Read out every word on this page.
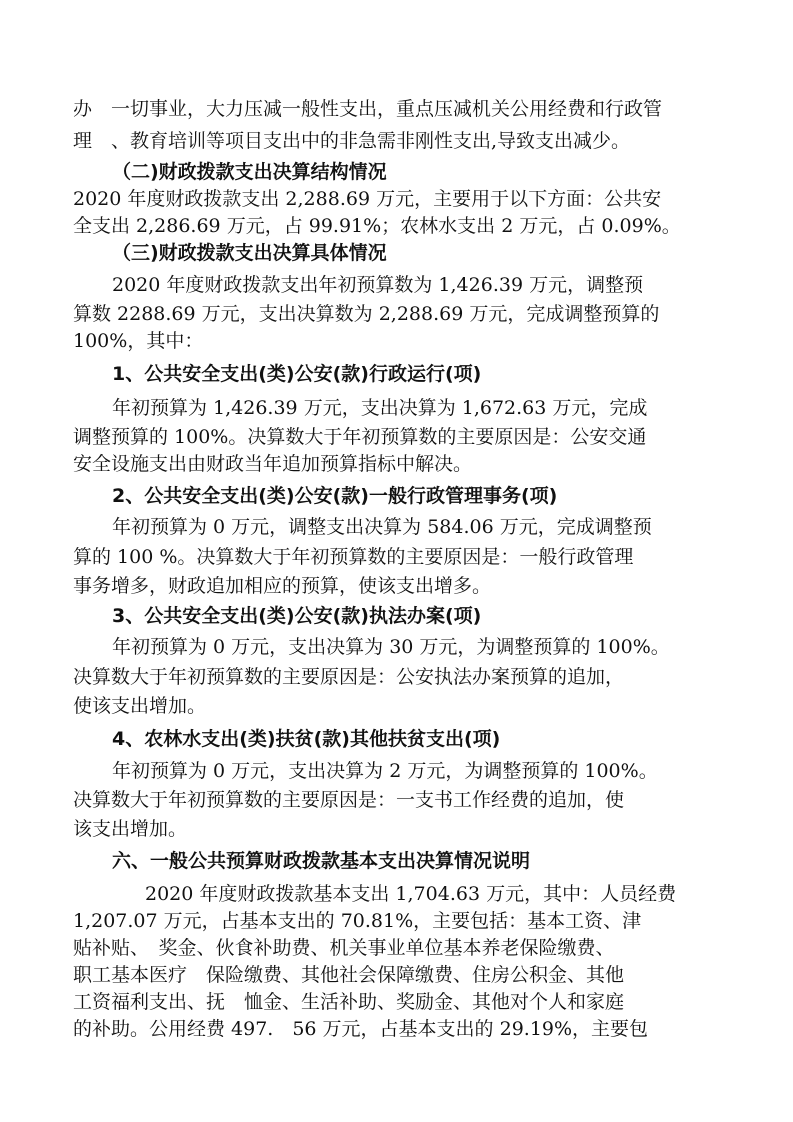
办　一切事业，大力压减一般性支出，重点压减机关公用经费和行政管

理　、教育培训等项目支出中的非急需非刚性支出,导致支出减少。

（二)财政拨款支出决算结构情况

2020 年度财政拨款支出 2,288.69 万元，主要用于以下方面：公共安

全支出 2,286.69 万元，占 99.91%；农林水支出 2 万元，占 0.09%。

（三)财政拨款支出决算具体情况

2020 年度财政拨款支出年初预算数为 1,426.39 万元，调整预

算数 2288.69 万元，支出决算数为 2,288.69 万元，完成调整预算的

100%，其中：

1、公共安全支出(类)公安(款)行政运行(项)

年初预算为 1,426.39 万元，支出决算为 1,672.63 万元，完成

调整预算的 100%。决算数大于年初预算数的主要原因是：公安交通

安全设施支出由财政当年追加预算指标中解决。

2、公共安全支出(类)公安(款)一般行政管理事务(项)

年初预算为 0 万元，调整支出决算为 584.06 万元，完成调整预

算的 100 %。决算数大于年初预算数的主要原因是：一般行政管理

事务增多，财政追加相应的预算，使该支出增多。

3、公共安全支出(类)公安(款)执法办案(项)

年初预算为 0 万元，支出决算为 30 万元，为调整预算的 100%。

决算数大于年初预算数的主要原因是：公安执法办案预算的追加，

使该支出增加。

4、农林水支出(类)扶贫(款)其他扶贫支出(项)

年初预算为 0 万元，支出决算为 2 万元，为调整预算的 100%。

决算数大于年初预算数的主要原因是：一支书工作经费的追加，使

该支出增加。

六、一般公共预算财政拨款基本支出决算情况说明

2020 年度财政拨款基本支出 1,704.63 万元，其中：人员经费

1,207.07 万元，占基本支出的 70.81%，主要包括：基本工资、津

贴补贴、　奖金、伙食补助费、机关事业单位基本养老保险缴费、

职工基本医疗　保险缴费、其他社会保障缴费、住房公积金、其他

工资福利支出、抚　恤金、生活补助、奖励金、其他对个人和家庭

的补助。公用经费 497.　56 万元，占基本支出的 29.19%，主要包
